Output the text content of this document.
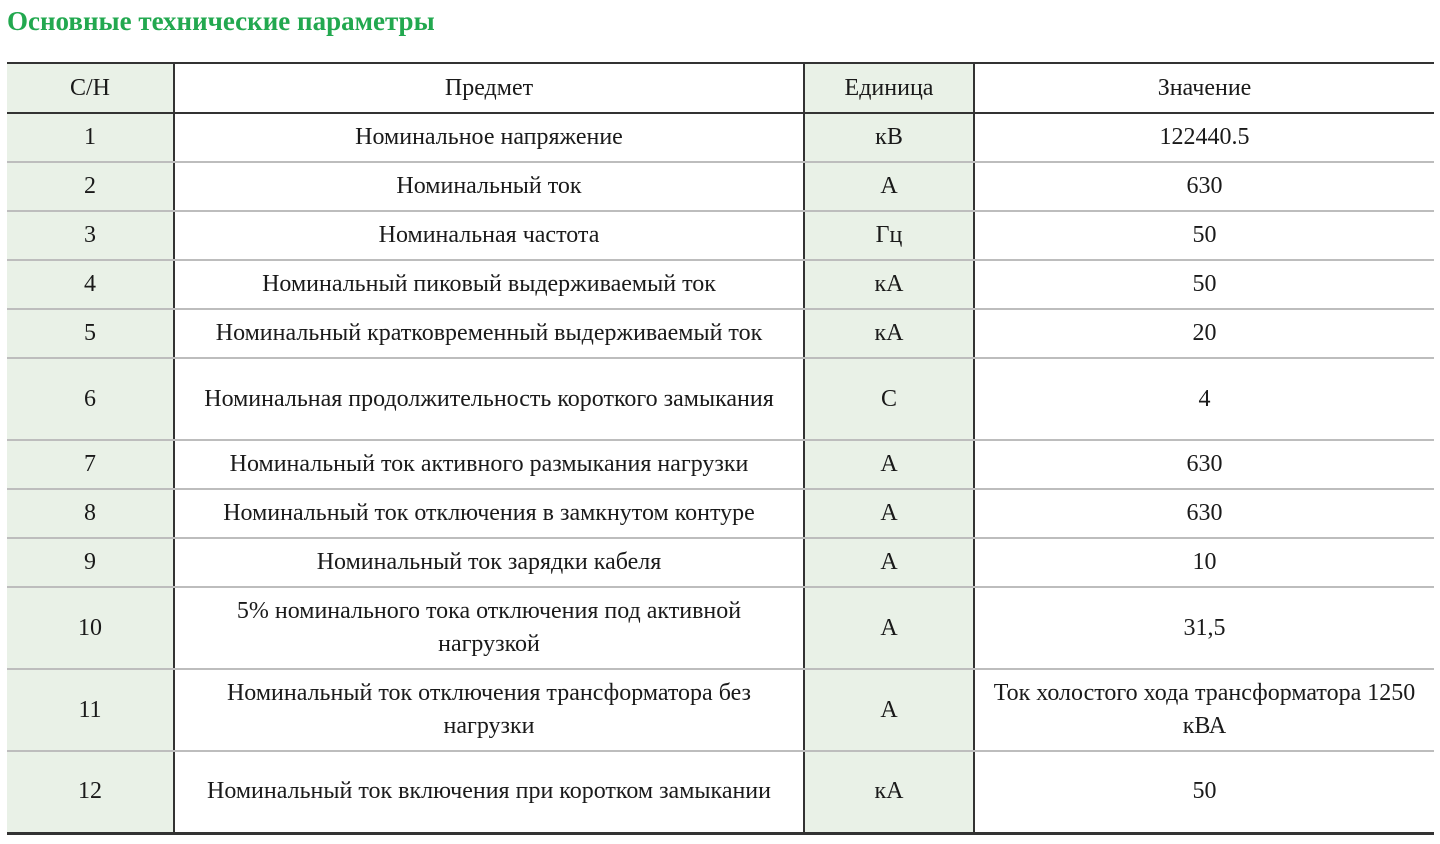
Основные технические параметры
С/Н	Предмет	Единица	Значение
1	Номинальное напряжение	кВ	122440.5
2	Номинальный ток	А	630
3	Номинальная частота	Гц	50
4	Номинальный пиковый выдерживаемый ток	кА	50
5	Номинальный кратковременный выдерживаемый ток	кА	20
6	Номинальная продолжительность короткого замыкания	С	4
7	Номинальный ток активного размыкания нагрузки	А	630
8	Номинальный ток отключения в замкнутом контуре	А	630
9	Номинальный ток зарядки кабеля	А	10
10	5% номинального тока отключения под активной нагрузкой	А	31,5
11	Номинальный ток отключения трансформатора без нагрузки	А	Ток холостого хода трансформатора 1250 кВА
12	Номинальный ток включения при коротком замыкании	кА	50
